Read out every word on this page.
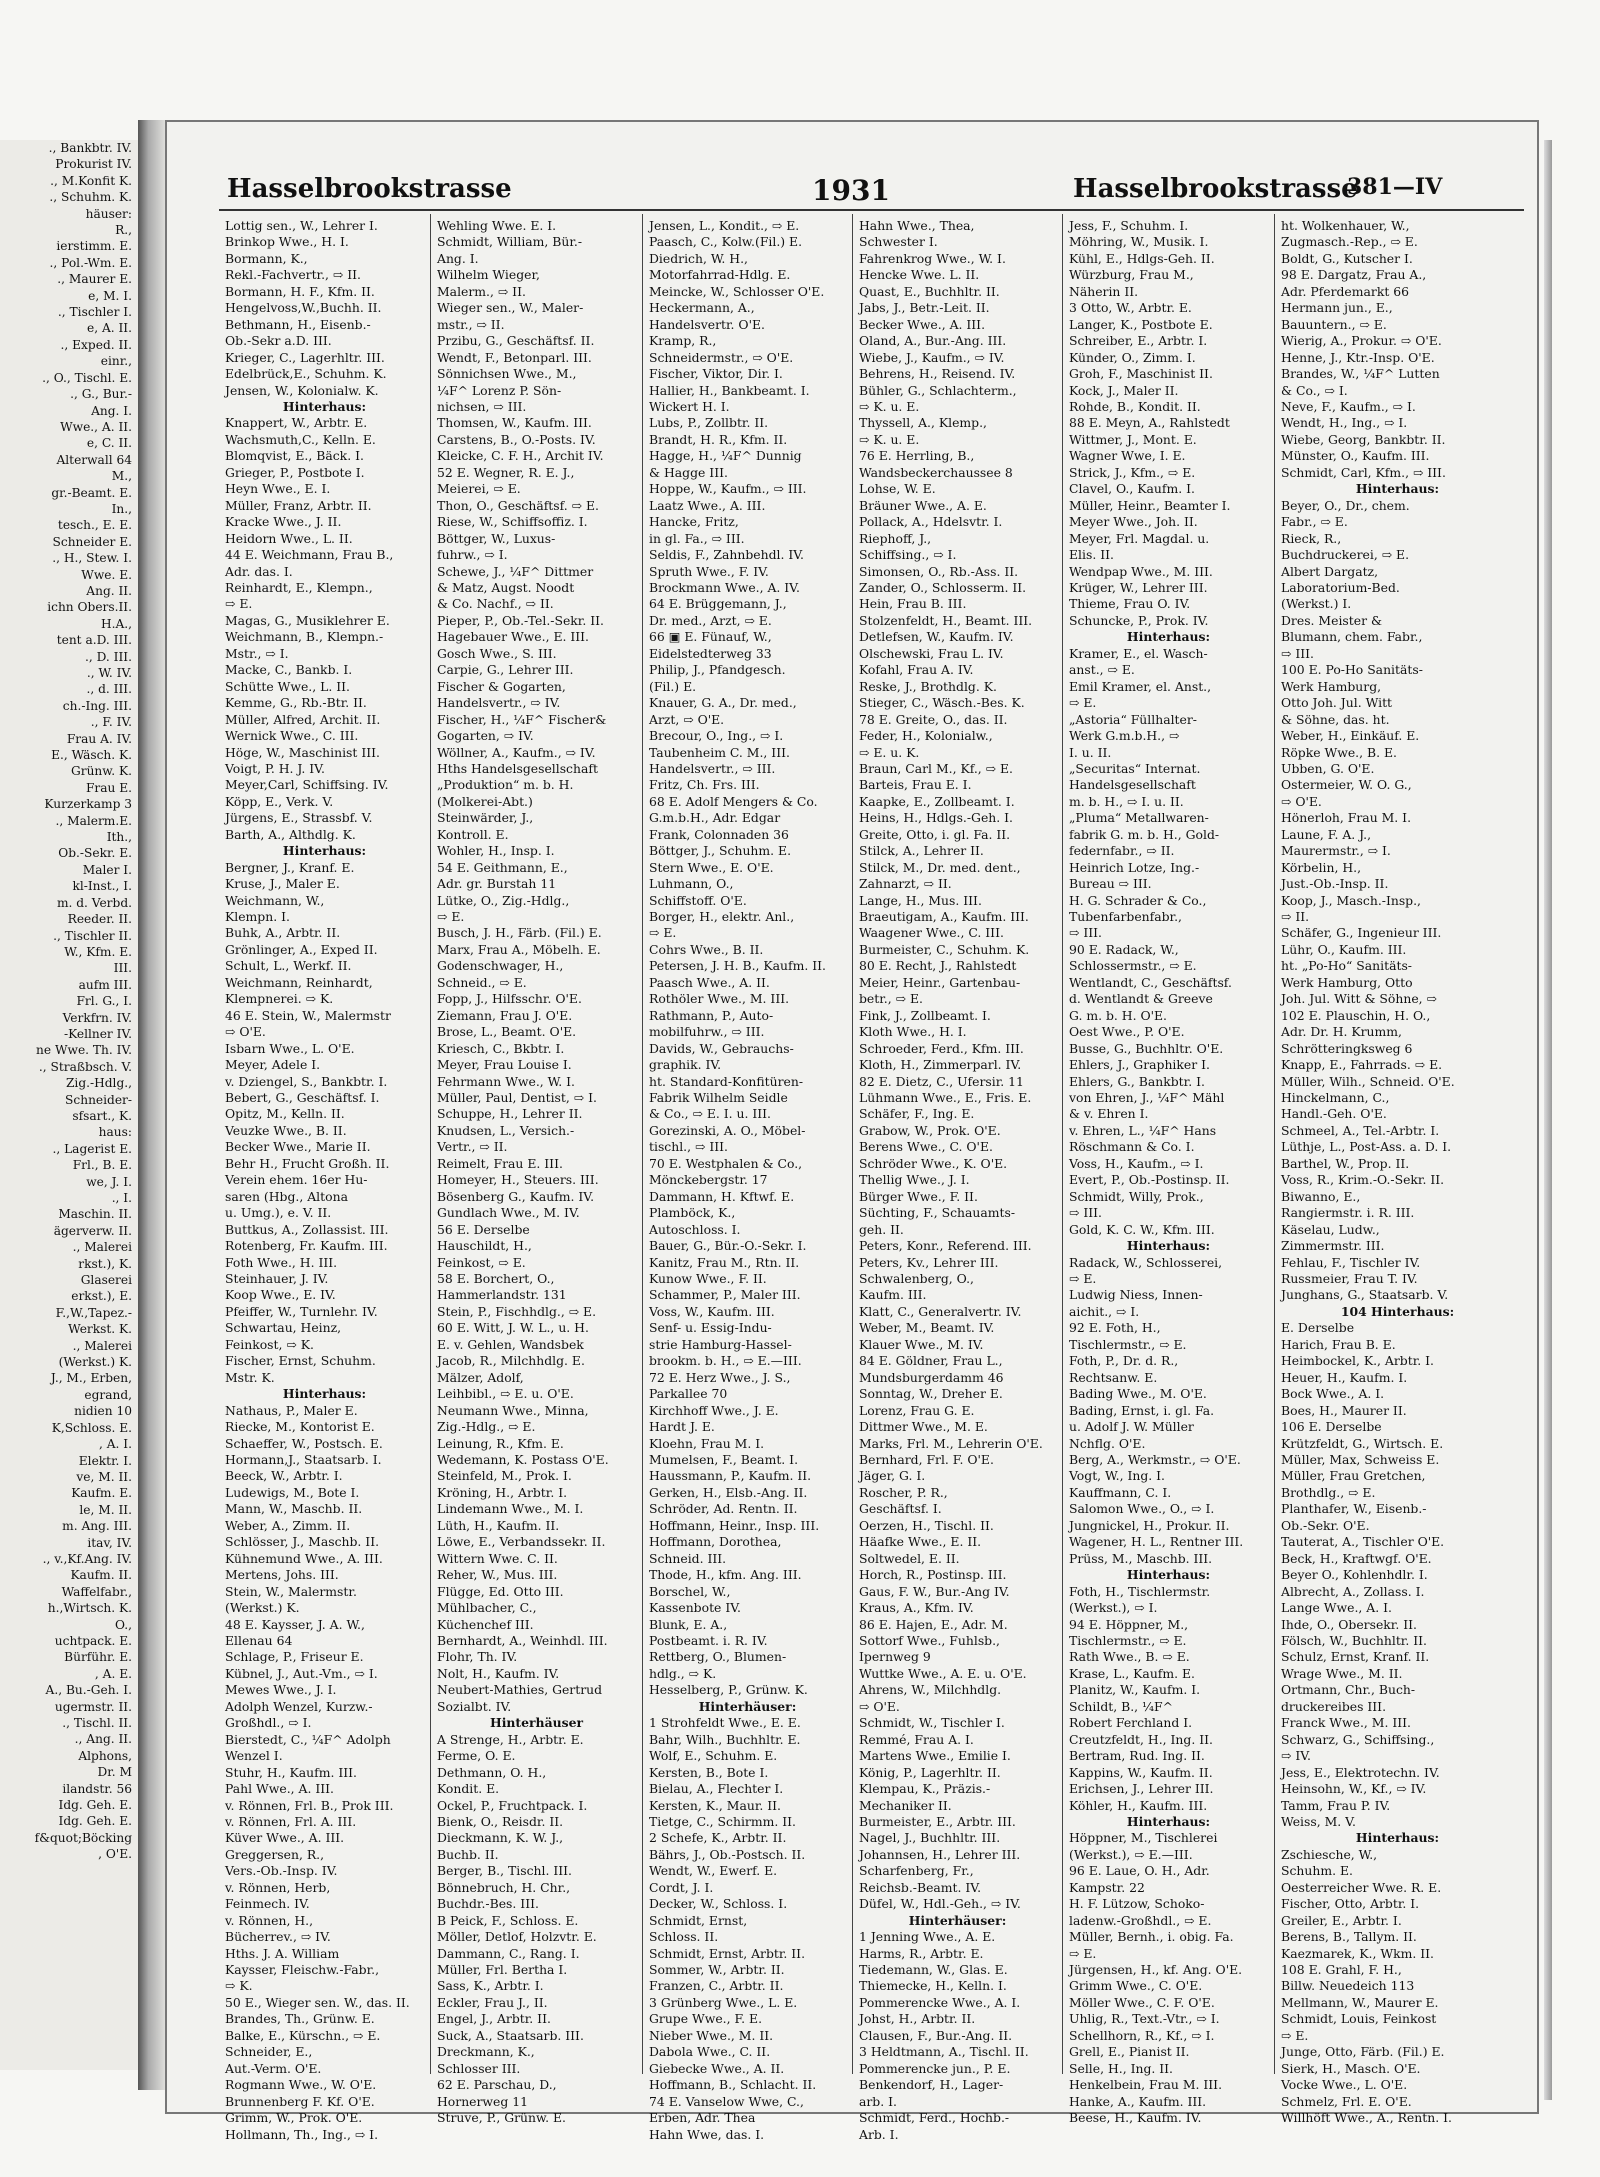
., Bankbtr. IV.
Prokurist IV.
., M.Konfit K.
., Schuhm. K.
häuser:
R.,
ierstimm. E.
., Pol.-Wm. E.
., Maurer E.
e, M. I.
., Tischler I.
e, A. II.
., Exped. II.
einr.,
., O., Tischl. E.
., G., Bur.-
Ang. I.
Wwe., A. II.
e, C. II.
Alterwall 64
M.,
gr.-Beamt. E.
In.,
tesch., E. E.
Schneider E.
., H., Stew. I.
Wwe. E.
Ang. II.
ichn Obers.II.
H.A.,
tent a.D. III.
., D. III.
., W. IV.
., d. III.
ch.-Ing. III.
., F. IV.
Frau A. IV.
E., Wäsch. K.
Grünw. K.
Frau E.
Kurzerkamp 3
., Malerm.E.
Ith.,
Ob.-Sekr. E.
Maler I.
kl-Inst., I.
m. d. Verbd.
Reeder. II.
., Tischler II.
W., Kfm. E.
III.
aufm III.
Frl. G., I.
Verkfrn. IV.
-Kellner IV.
ne Wwe. Th. IV.
., Straßbsch. V.
Zig.-Hdlg.,
Schneider-
sfsart., K.
haus:
., Lagerist E.
Frl., B. E.
we, J. I.
., I.
Maschin. II.
ägerverw. II.
., Malerei
rkst.), K.
Glaserei
erkst.), E.
F.,W.,Tapez.-
Werkst. K.
., Malerei
(Werkst.) K.
J., M., Erben,
egrand,
nidien 10
K,Schloss. E.
, A. I.
Elektr. I.
ve, M. II.
Kaufm. E.
le, M. II.
m. Ang. III.
itav, IV.
., v.,Kf.Ang. IV.
Kaufm. II.
Waffelfabr.,
h.,Wirtsch. K.
O.,
uchtpack. E.
Bürführ. E.
, A. E.
A., Bu.-Geh. I.
ugermstr. II.
., Tischl. II.
., Ang. II.
Alphons,
Dr. M
ilandstr. 56
Idg. Geh. E.
Idg. Geh. E.
f&quot;Böcking
, O'E.
Hasselbrookstrasse	1931	Hasselbrookstrasse
381—IV
Lottig sen., W., Lehrer I.
Brinkop Wwe., H. I.
Bormann, K.,
Rekl.-Fachvertr., ⇨ II.
Bormann, H. F., Kfm. II.
Hengelvoss,W.,Buchh. II.
Bethmann, H., Eisenb.-
Ob.-Sekr a.D. III.
Krieger, C., Lagerhltr. III.
Edelbrück,E., Schuhm. K.
Jensen, W., Kolonialw. K.
Hinterhaus:
Knappert, W., Arbtr. E.
Wachsmuth,C., Kelln. E.
Blomqvist, E., Bäck. I.
Grieger, P., Postbote I.
Heyn Wwe., E. I.
Müller, Franz, Arbtr. II.
Kracke Wwe., J. II.
Heidorn Wwe., L. II.
44 E. Weichmann, Frau B.,
Adr. das. I.
Reinhardt, E., Klempn.,
⇨ E.
Magas, G., Musiklehrer E.
Weichmann, B., Klempn.-
Mstr., ⇨ I.
Macke, C., Bankb. I.
Schütte Wwe., L. II.
Kemme, G., Rb.-Btr. II.
Müller, Alfred, Archit. II.
Wernick Wwe., C. III.
Höge, W., Maschinist III.
Voigt, P. H. J. IV.
Meyer,Carl, Schiffsing. IV.
Köpp, E., Verk. V.
Jürgens, E., Strassbf. V.
Barth, A., Althdlg. K.
Hinterhaus:
Bergner, J., Kranf. E.
Kruse, J., Maler E.
Weichmann, W.,
Klempn. I.
Buhk, A., Arbtr. II.
Grönlinger, A., Exped II.
Schult, L., Werkf. II.
Weichmann, Reinhardt,
Klempnerei. ⇨ K.
46 E. Stein, W., Malermstr
⇨ O'E.
Isbarn Wwe., L. O'E.
Meyer, Adele I.
v. Dziengel, S., Bankbtr. I.
Bebert, G., Geschäftsf. I.
Opitz, M., Kelln. II.
Veuzke Wwe., B. II.
Becker Wwe., Marie II.
Behr H., Frucht Großh. II.
Verein ehem. 16er Hu-
saren (Hbg., Altona
u. Umg.), e. V. II.
Buttkus, A., Zollassist. III.
Rotenberg, Fr. Kaufm. III.
Foth Wwe., H. III.
Steinhauer, J. IV.
Koop Wwe., E. IV.
Pfeiffer, W., Turnlehr. IV.
Schwartau, Heinz,
Feinkost, ⇨ K.
Fischer, Ernst, Schuhm.
Mstr. K.
Hinterhaus:
Nathaus, P., Maler E.
Riecke, M., Kontorist E.
Schaeffer, W., Postsch. E.
Hormann,J., Staatsarb. I.
Beeck, W., Arbtr. I.
Ludewigs, M., Bote I.
Mann, W., Maschb. II.
Weber, A., Zimm. II.
Schlösser, J., Maschb. II.
Kühnemund Wwe., A. III.
Mertens, Johs. III.
Stein, W., Malermstr.
(Werkst.) K.
48 E. Kaysser, J. A. W.,
Ellenau 64
Schlage, P., Friseur E.
Kübnel, J., Aut.-Vm., ⇨ I.
Mewes Wwe., J. I.
Adolph Wenzel, Kurzw.-
Großhdl., ⇨ I.
Bierstedt, C., ¼F^ Adolph
Wenzel I.
Stuhr, H., Kaufm. III.
Pahl Wwe., A. III.
v. Rönnen, Frl. B., Prok III.
v. Rönnen, Frl. A. III.
Küver Wwe., A. III.
Greggersen, R.,
Vers.-Ob.-Insp. IV.
v. Rönnen, Herb,
Feinmech. IV.
v. Rönnen, H.,
Bücherrev., ⇨ IV.
Hths. J. A. William
Kaysser, Fleischw.-Fabr.,
⇨ K.
50 E., Wieger sen. W., das. II.
Brandes, Th., Grünw. E.
Balke, E., Kürschn., ⇨ E.
Schneider, E.,
Aut.-Verm. O'E.
Rogmann Wwe., W. O'E.
Brunnenberg F. Kf. O'E.
Grimm, W., Prok. O'E.
Hollmann, Th., Ing., ⇨ I.
Wehling Wwe. E. I.
Schmidt, William, Bür.-
Ang. I.
Wilhelm Wieger,
Malerm., ⇨ II.
Wieger sen., W., Maler-
mstr., ⇨ II.
Przibu, G., Geschäftsf. II.
Wendt, F., Betonparl. III.
Sönnichsen Wwe., M.,
¼F^ Lorenz P. Sön-
nichsen, ⇨ III.
Thomsen, W., Kaufm. III.
Carstens, B., O.-Posts. IV.
Kleicke, C. F. H., Archit IV.
52 E. Wegner, R. E. J.,
Meierei, ⇨ E.
Thon, O., Geschäftsf. ⇨ E.
Riese, W., Schiffsoffiz. I.
Böttger, W., Luxus-
fuhrw., ⇨ I.
Schewe, J., ¼F^ Dittmer
& Matz, Augst. Noodt
& Co. Nachf., ⇨ II.
Pieper, P., Ob.-Tel.-Sekr. II.
Hagebauer Wwe., E. III.
Gosch Wwe., S. III.
Carpie, G., Lehrer III.
Fischer & Gogarten,
Handelsvertr., ⇨ IV.
Fischer, H., ¼F^ Fischer&
Gogarten, ⇨ IV.
Wöllner, A., Kaufm., ⇨ IV.
Hths Handelsgesellschaft
„Produktion“ m. b. H.
(Molkerei-Abt.)
Steinwärder, J.,
Kontroll. E.
Wohler, H., Insp. I.
54 E. Geithmann, E.,
Adr. gr. Burstah 11
Lütke, O., Zig.-Hdlg.,
⇨ E.
Busch, J. H., Färb. (Fil.) E.
Marx, Frau A., Möbelh. E.
Godenschwager, H.,
Schneid., ⇨ E.
Fopp, J., Hilfsschr. O'E.
Ziemann, Frau J. O'E.
Brose, L., Beamt. O'E.
Kriesch, C., Bkbtr. I.
Meyer, Frau Louise I.
Fehrmann Wwe., W. I.
Müller, Paul, Dentist, ⇨ I.
Schuppe, H., Lehrer II.
Knudsen, L., Versich.-
Vertr., ⇨ II.
Reimelt, Frau E. III.
Homeyer, H., Steuers. III.
Bösenberg G., Kaufm. IV.
Gundlach Wwe., M. IV.
56 E. Derselbe
Hauschildt, H.,
Feinkost, ⇨ E.
58 E. Borchert, O.,
Hammerlandstr. 131
Stein, P., Fischhdlg., ⇨ E.
60 E. Witt, J. W. L., u. H.
E. v. Gehlen, Wandsbek
Jacob, R., Milchhdlg. E.
Mälzer, Adolf,
Leihbibl., ⇨ E. u. O'E.
Neumann Wwe., Minna,
Zig.-Hdlg., ⇨ E.
Leinung, R., Kfm. E.
Wedemann, K. Postass O'E.
Steinfeld, M., Prok. I.
Kröning, H., Arbtr. I.
Lindemann Wwe., M. I.
Lüth, H., Kaufm. II.
Löwe, E., Verbandssekr. II.
Wittern Wwe. C. II.
Reher, W., Mus. III.
Flügge, Ed. Otto III.
Mühlbacher, C.,
Küchenchef III.
Bernhardt, A., Weinhdl. III.
Flohr, Th. IV.
Nolt, H., Kaufm. IV.
Neubert-Mathies, Gertrud
Sozialbt. IV.
Hinterhäuser
A Strenge, H., Arbtr. E.
Ferme, O. E.
Dethmann, O. H.,
Kondit. E.
Ockel, P., Fruchtpack. I.
Bienk, O., Reisdr. II.
Dieckmann, K. W. J.,
Buchb. II.
Berger, B., Tischl. III.
Bönnebruch, H. Chr.,
Buchdr.-Bes. III.
B Peick, F., Schloss. E.
Möller, Detlof, Holzvtr. E.
Dammann, C., Rang. I.
Müller, Frl. Bertha I.
Sass, K., Arbtr. I.
Eckler, Frau J., II.
Engel, J., Arbtr. II.
Suck, A., Staatsarb. III.
Dreckmann, K.,
Schlosser III.
62 E. Parschau, D.,
Hornerweg 11
Struve, P., Grünw. E.
Jensen, L., Kondit., ⇨ E.
Paasch, C., Kolw.(Fil.) E.
Diedrich, W. H.,
Motorfahrrad-Hdlg. E.
Meincke, W., Schlosser O'E.
Heckermann, A.,
Handelsvertr. O'E.
Kramp, R.,
Schneidermstr., ⇨ O'E.
Fischer, Viktor, Dir. I.
Hallier, H., Bankbeamt. I.
Wickert H. I.
Lubs, P., Zollbtr. II.
Brandt, H. R., Kfm. II.
Hagge, H., ¼F^ Dunnig
& Hagge III.
Hoppe, W., Kaufm., ⇨ III.
Laatz Wwe., A. III.
Hancke, Fritz,
in gl. Fa., ⇨ III.
Seldis, F., Zahnbehdl. IV.
Spruth Wwe., F. IV.
Brockmann Wwe., A. IV.
64 E. Brüggemann, J.,
Dr. med., Arzt, ⇨ E.
66 ▣ E. Fünauf, W.,
Eidelstedterweg 33
Philip, J., Pfandgesch.
(Fil.) E.
Knauer, G. A., Dr. med.,
Arzt, ⇨ O'E.
Brecour, O., Ing., ⇨ I.
Taubenheim C. M., III.
Handelsvertr., ⇨ III.
Fritz, Ch. Frs. III.
68 E. Adolf Mengers & Co.
G.m.b.H., Adr. Edgar
Frank, Colonnaden 36
Böttger, J., Schuhm. E.
Stern Wwe., E. O'E.
Luhmann, O.,
Schiffstoff. O'E.
Borger, H., elektr. Anl.,
⇨ E.
Cohrs Wwe., B. II.
Petersen, J. H. B., Kaufm. II.
Paasch Wwe., A. II.
Rothöler Wwe., M. III.
Rathmann, P., Auto-
mobilfuhrw., ⇨ III.
Davids, W., Gebrauchs-
graphik. IV.
ht. Standard-Konfitüren-
Fabrik Wilhelm Seidle
& Co., ⇨ E. I. u. III.
Gorezinski, A. O., Möbel-
tischl., ⇨ III.
70 E. Westphalen & Co.,
Mönckebergstr. 17
Dammann, H. Kftwf. E.
Plamböck, K.,
Autoschloss. I.
Bauer, G., Bür.-O.-Sekr. I.
Kanitz, Frau M., Rtn. II.
Kunow Wwe., F. II.
Schammer, P., Maler III.
Voss, W., Kaufm. III.
Senf- u. Essig-Indu-
strie Hamburg-Hassel-
brookm. b. H., ⇨ E.—III.
72 E. Herz Wwe., J. S.,
Parkallee 70
Kirchhoff Wwe., J. E.
Hardt J. E.
Kloehn, Frau M. I.
Mumelsen, F., Beamt. I.
Haussmann, P., Kaufm. II.
Gerken, H., Elsb.-Ang. II.
Schröder, Ad. Rentn. II.
Hoffmann, Heinr., Insp. III.
Hoffmann, Dorothea,
Schneid. III.
Thode, H., kfm. Ang. III.
Borschel, W.,
Kassenbote IV.
Blunk, E. A.,
Postbeamt. i. R. IV.
Rettberg, O., Blumen-
hdlg., ⇨ K.
Hesselberg, P., Grünw. K.
Hinterhäuser:
1 Strohfeldt Wwe., E. E.
Bahr, Wilh., Buchhltr. E.
Wolf, E., Schuhm. E.
Kersten, B., Bote I.
Bielau, A., Flechter I.
Kersten, K., Maur. II.
Tietge, C., Schirmm. II.
2 Schefe, K., Arbtr. II.
Bährs, J., Ob.-Postsch. II.
Wendt, W., Ewerf. E.
Cordt, J. I.
Decker, W., Schloss. I.
Schmidt, Ernst,
Schloss. II.
Schmidt, Ernst, Arbtr. II.
Sommer, W., Arbtr. II.
Franzen, C., Arbtr. II.
3 Grünberg Wwe., L. E.
Grupe Wwe., F. E.
Nieber Wwe., M. II.
Dabola Wwe., C. II.
Giebecke Wwe., A. II.
Hoffmann, B., Schlacht. II.
74 E. Vanselow Wwe, C.,
Erben, Adr. Thea
Hahn Wwe, das. I.
Hahn Wwe., Thea,
Schwester I.
Fahrenkrog Wwe., W. I.
Hencke Wwe. L. II.
Quast, E., Buchhltr. II.
Jabs, J., Betr.-Leit. II.
Becker Wwe., A. III.
Oland, A., Bur.-Ang. III.
Wiebe, J., Kaufm., ⇨ IV.
Behrens, H., Reisend. IV.
Bühler, G., Schlachterm.,
⇨ K. u. E.
Thyssell, A., Klemp.,
⇨ K. u. E.
76 E. Herrling, B.,
Wandsbeckerchaussee 8
Lohse, W. E.
Bräuner Wwe., A. E.
Pollack, A., Hdelsvtr. I.
Riephoff, J.,
Schiffsing., ⇨ I.
Simonsen, O., Rb.-Ass. II.
Zander, O., Schlosserm. II.
Hein, Frau B. III.
Stolzenfeldt, H., Beamt. III.
Detlefsen, W., Kaufm. IV.
Olschewski, Frau L. IV.
Kofahl, Frau A. IV.
Reske, J., Brothdlg. K.
Stieger, C., Wäsch.-Bes. K.
78 E. Greite, O., das. II.
Feder, H., Kolonialw.,
⇨ E. u. K.
Braun, Carl M., Kf., ⇨ E.
Barteis, Frau E. I.
Kaapke, E., Zollbeamt. I.
Heins, H., Hdlgs.-Geh. I.
Greite, Otto, i. gl. Fa. II.
Stilck, A., Lehrer II.
Stilck, M., Dr. med. dent.,
Zahnarzt, ⇨ II.
Lange, H., Mus. III.
Braeutigam, A., Kaufm. III.
Waagener Wwe., C. III.
Burmeister, C., Schuhm. K.
80 E. Recht, J., Rahlstedt
Meier, Heinr., Gartenbau-
betr., ⇨ E.
Fink, J., Zollbeamt. I.
Kloth Wwe., H. I.
Schroeder, Ferd., Kfm. III.
Kloth, H., Zimmerparl. IV.
82 E. Dietz, C., Ufersir. 11
Lühmann Wwe., E., Fris. E.
Schäfer, F., Ing. E.
Grabow, W., Prok. O'E.
Berens Wwe., C. O'E.
Schröder Wwe., K. O'E.
Thellig Wwe., J. I.
Bürger Wwe., F. II.
Süchting, F., Schauamts-
geh. II.
Peters, Konr., Referend. III.
Peters, Kv., Lehrer III.
Schwalenberg, O.,
Kaufm. III.
Klatt, C., Generalvertr. IV.
Weber, M., Beamt. IV.
Klauer Wwe., M. IV.
84 E. Göldner, Frau L.,
Mundsburgerdamm 46
Sonntag, W., Dreher E.
Lorenz, Frau G. E.
Dittmer Wwe., M. E.
Marks, Frl. M., Lehrerin O'E.
Bernhard, Frl. F. O'E.
Jäger, G. I.
Roscher, P. R.,
Geschäftsf. I.
Oerzen, H., Tischl. II.
Häafke Wwe., E. II.
Soltwedel, E. II.
Horch, R., Postinsp. III.
Gaus, F. W., Bur.-Ang IV.
Kraus, A., Kfm. IV.
86 E. Hajen, E., Adr. M.
Sottorf Wwe., Fuhlsb.,
Ipernweg 9
Wuttke Wwe., A. E. u. O'E.
Ahrens, W., Milchhdlg.
⇨ O'E.
Schmidt, W., Tischler I.
Remmé, Frau A. I.
Martens Wwe., Emilie I.
König, P., Lagerhltr. II.
Klempau, K., Präzis.-
Mechaniker II.
Burmeister, E., Arbtr. III.
Nagel, J., Buchhltr. III.
Johannsen, H., Lehrer III.
Scharfenberg, Fr.,
Reichsb.-Beamt. IV.
Düfel, W., Hdl.-Geh., ⇨ IV.
Hinterhäuser:
1 Jenning Wwe., A. E.
Harms, R., Arbtr. E.
Tiedemann, W., Glas. E.
Thiemecke, H., Kelln. I.
Pommerencke Wwe., A. I.
Johst, H., Arbtr. II.
Clausen, F., Bur.-Ang. II.
3 Heldtmann, A., Tischl. II.
Pommerencke jun., P. E.
Benkendorf, H., Lager-
arb. I.
Schmidt, Ferd., Hochb.-
Arb. I.
Jess, F., Schuhm. I.
Möhring, W., Musik. I.
Kühl, E., Hdlgs-Geh. II.
Würzburg, Frau M.,
Näherin II.
3 Otto, W., Arbtr. E.
Langer, K., Postbote E.
Schreiber, E., Arbtr. I.
Künder, O., Zimm. I.
Groh, F., Maschinist II.
Kock, J., Maler II.
Rohde, B., Kondit. II.
88 E. Meyn, A., Rahlstedt
Wittmer, J., Mont. E.
Wagner Wwe, I. E.
Strick, J., Kfm., ⇨ E.
Clavel, O., Kaufm. I.
Müller, Heinr., Beamter I.
Meyer Wwe., Joh. II.
Meyer, Frl. Magdal. u.
Elis. II.
Wendpap Wwe., M. III.
Krüger, W., Lehrer III.
Thieme, Frau O. IV.
Schuncke, P., Prok. IV.
Hinterhaus:
Kramer, E., el. Wasch-
anst., ⇨ E.
Emil Kramer, el. Anst.,
⇨ E.
„Astoria“ Füllhalter-
Werk G.m.b.H., ⇨
I. u. II.
„Securitas“ Internat.
Handelsgesellschaft
m. b. H., ⇨ I. u. II.
„Pluma“ Metallwaren-
fabrik G. m. b. H., Gold-
federnfabr., ⇨ II.
Heinrich Lotze, Ing.-
Bureau ⇨ III.
H. G. Schrader & Co.,
Tubenfarbenfabr.,
⇨ III.
90 E. Radack, W.,
Schlossermstr., ⇨ E.
Wentlandt, C., Geschäftsf.
d. Wentlandt & Greeve
G. m. b. H. O'E.
Oest Wwe., P. O'E.
Busse, G., Buchhltr. O'E.
Ehlers, J., Graphiker I.
Ehlers, G., Bankbtr. I.
von Ehren, J., ¼F^ Mähl
& v. Ehren I.
v. Ehren, L., ¼F^ Hans
Röschmann & Co. I.
Voss, H., Kaufm., ⇨ I.
Evert, P., Ob.-Postinsp. II.
Schmidt, Willy, Prok.,
⇨ III.
Gold, K. C. W., Kfm. III.
Hinterhaus:
Radack, W., Schlosserei,
⇨ E.
Ludwig Niess, Innen-
aichit., ⇨ I.
92 E. Foth, H.,
Tischlermstr., ⇨ E.
Foth, P., Dr. d. R.,
Rechtsanw. E.
Bading Wwe., M. O'E.
Bading, Ernst, i. gl. Fa.
u. Adolf J. W. Müller
Nchflg. O'E.
Berg, A., Werkmstr., ⇨ O'E.
Vogt, W., Ing. I.
Kauffmann, C. I.
Salomon Wwe., O., ⇨ I.
Jungnickel, H., Prokur. II.
Wagener, H. L., Rentner III.
Prüss, M., Maschb. III.
Hinterhaus:
Foth, H., Tischlermstr.
(Werkst.), ⇨ I.
94 E. Höppner, M.,
Tischlermstr., ⇨ E.
Rath Wwe., B. ⇨ E.
Krase, L., Kaufm. E.
Planitz, W., Kaufm. I.
Schildt, B., ¼F^
Robert Ferchland I.
Creutzfeldt, H., Ing. II.
Bertram, Rud. Ing. II.
Kappins, W., Kaufm. II.
Erichsen, J., Lehrer III.
Köhler, H., Kaufm. III.
Hinterhaus:
Höppner, M., Tischlerei
(Werkst.), ⇨ E.—III.
96 E. Laue, O. H., Adr.
Kampstr. 22
H. F. Lützow, Schoko-
ladenw.-Großhdl., ⇨ E.
Müller, Bernh., i. obig. Fa.
⇨ E.
Jürgensen, H., kf. Ang. O'E.
Grimm Wwe., C. O'E.
Möller Wwe., C. F. O'E.
Uhlig, R., Text.-Vtr., ⇨ I.
Schellhorn, R., Kf., ⇨ I.
Grell, E., Pianist II.
Selle, H., Ing. II.
Henkelbein, Frau M. III.
Hanke, A., Kaufm. III.
Beese, H., Kaufm. IV.
ht. Wolkenhauer, W.,
Zugmasch.-Rep., ⇨ E.
Boldt, G., Kutscher I.
98 E. Dargatz, Frau A.,
Adr. Pferdemarkt 66
Hermann jun., E.,
Bauuntern., ⇨ E.
Wierig, A., Prokur. ⇨ O'E.
Henne, J., Ktr.-Insp. O'E.
Brandes, W., ¼F^ Lutten
& Co., ⇨ I.
Neve, F., Kaufm., ⇨ I.
Wendt, H., Ing., ⇨ I.
Wiebe, Georg, Bankbtr. II.
Münster, O., Kaufm. III.
Schmidt, Carl, Kfm., ⇨ III.
Hinterhaus:
Beyer, O., Dr., chem.
Fabr., ⇨ E.
Rieck, R.,
Buchdruckerei, ⇨ E.
Albert Dargatz,
Laboratorium-Bed.
(Werkst.) I.
Dres. Meister &
Blumann, chem. Fabr.,
⇨ III.
100 E. Po-Ho Sanitäts-
Werk Hamburg,
Otto Joh. Jul. Witt
& Söhne, das. ht.
Weber, H., Einkäuf. E.
Röpke Wwe., B. E.
Ubben, G. O'E.
Ostermeier, W. O. G.,
⇨ O'E.
Hönerloh, Frau M. I.
Laune, F. A. J.,
Maurermstr., ⇨ I.
Körbelin, H.,
Just.-Ob.-Insp. II.
Koop, J., Masch.-Insp.,
⇨ II.
Schäfer, G., Ingenieur III.
Lühr, O., Kaufm. III.
ht. „Po-Ho“ Sanitäts-
Werk Hamburg, Otto
Joh. Jul. Witt & Söhne, ⇨
102 E. Plauschin, H. O.,
Adr. Dr. H. Krumm,
Schrötteringksweg 6
Knapp, E., Fahrrads. ⇨ E.
Müller, Wilh., Schneid. O'E.
Hinckelmann, C.,
Handl.-Geh. O'E.
Schmeel, A., Tel.-Arbtr. I.
Lüthje, L., Post-Ass. a. D. I.
Barthel, W., Prop. II.
Voss, R., Krim.-O.-Sekr. II.
Biwanno, E.,
Rangiermstr. i. R. III.
Käselau, Ludw.,
Zimmermstr. III.
Fehlau, F., Tischler IV.
Russmeier, Frau T. IV.
Junghans, G., Staatsarb. V.
104 Hinterhaus:
E. Derselbe
Harich, Frau B. E.
Heimbockel, K., Arbtr. I.
Heuer, H., Kaufm. I.
Bock Wwe., A. I.
Boes, H., Maurer II.
106 E. Derselbe
Krützfeldt, G., Wirtsch. E.
Müller, Max, Schweiss E.
Müller, Frau Gretchen,
Brothdlg., ⇨ E.
Planthafer, W., Eisenb.-
Ob.-Sekr. O'E.
Tauterat, A., Tischler O'E.
Beck, H., Kraftwgf. O'E.
Beyer O., Kohlenhdlr. I.
Albrecht, A., Zollass. I.
Lange Wwe., A. I.
Ihde, O., Obersekr. II.
Fölsch, W., Buchhltr. II.
Schulz, Ernst, Kranf. II.
Wrage Wwe., M. II.
Ortmann, Chr., Buch-
druckereibes III.
Franck Wwe., M. III.
Schwarz, G., Schiffsing.,
⇨ IV.
Jess, E., Elektrotechn. IV.
Heinsohn, W., Kf., ⇨ IV.
Tamm, Frau P. IV.
Weiss, M. V.
Hinterhaus:
Zschiesche, W.,
Schuhm. E.
Oesterreicher Wwe. R. E.
Fischer, Otto, Arbtr. I.
Greiler, E., Arbtr. I.
Berens, B., Tallym. II.
Kaezmarek, K., Wkm. II.
108 E. Grahl, F. H.,
Billw. Neuedeich 113
Mellmann, W., Maurer E.
Schmidt, Louis, Feinkost
⇨ E.
Junge, Otto, Färb. (Fil.) E.
Sierk, H., Masch. O'E.
Vocke Wwe., L. O'E.
Schmelz, Frl. E. O'E.
Willhöft Wwe., A., Rentn. I.
